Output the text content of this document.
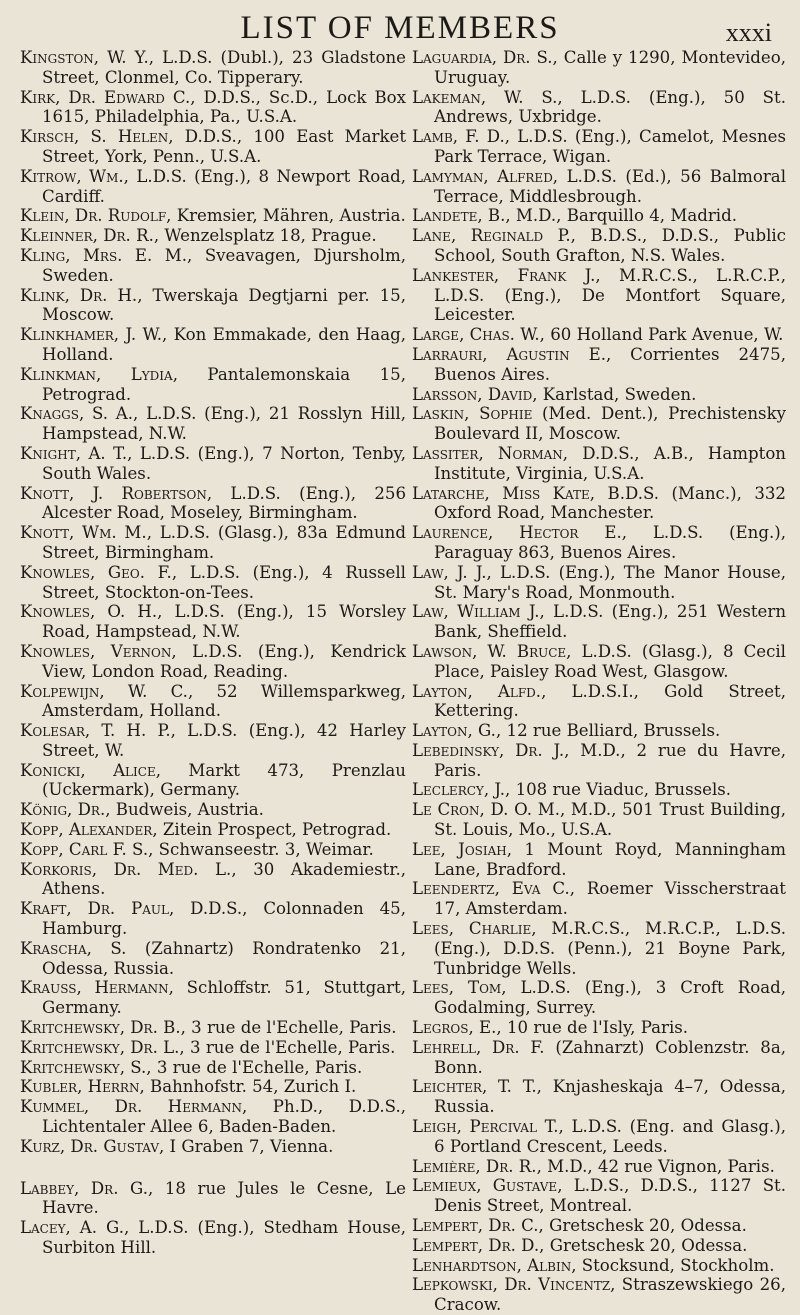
LIST OF MEMBERS	xxxi
Kingston, W. Y., L.D.S. (Dubl.), 23 Gladstone Street, Clonmel, Co. Tipperary.
Kirk, Dr. Edward C., D.D.S., Sc.D., Lock Box 1615, Philadelphia, Pa., U.S.A.
Kirsch, S. Helen, D.D.S., 100 East Market Street, York, Penn., U.S.A.
Kitrow, Wm., L.D.S. (Eng.), 8 Newport Road, Cardiff.
Klein, Dr. Rudolf, Kremsier, Mähren, Austria.
Kleinner, Dr. R., Wenzelsplatz 18, Prague.
Kling, Mrs. E. M., Sveavagen, Djursholm, Sweden.
Klink, Dr. H., Twerskaja Degtjarni per. 15, Moscow.
Klinkhamer, J. W., Kon Emmakade, den Haag, Holland.
Klinkman, Lydia, Pantalemonskaia 15, Petrograd.
Knaggs, S. A., L.D.S. (Eng.), 21 Rosslyn Hill, Hampstead, N.W.
Knight, A. T., L.D.S. (Eng.), 7 Norton, Tenby, South Wales.
Knott, J. Robertson, L.D.S. (Eng.), 256 Alcester Road, Moseley, Birmingham.
Knott, Wm. M., L.D.S. (Glasg.), 83a Edmund Street, Birmingham.
Knowles, Geo. F., L.D.S. (Eng.), 4 Russell Street, Stockton-on-Tees.
Knowles, O. H., L.D.S. (Eng.), 15 Worsley Road, Hampstead, N.W.
Knowles, Vernon, L.D.S. (Eng.), Kendrick View, London Road, Reading.
Kolpewijn, W. C., 52 Willemsparkweg, Amsterdam, Holland.
Kolesar, T. H. P., L.D.S. (Eng.), 42 Harley Street, W.
Konicki, Alice, Markt 473, Prenzlau (Uckermark), Germany.
König, Dr., Budweis, Austria.
Kopp, Alexander, Zitein Prospect, Petrograd.
Kopp, Carl F. S., Schwanseestr. 3, Weimar.
Korkoris, Dr. Med. L., 30 Akademiestr., Athens.
Kraft, Dr. Paul, D.D.S., Colonnaden 45, Hamburg.
Krascha, S. (Zahnartz) Rondratenko 21, Odessa, Russia.
Krauss, Hermann, Schloffstr. 51, Stuttgart, Germany.
Kritchewsky, Dr. B., 3 rue de l'Echelle, Paris.
Kritchewsky, Dr. L., 3 rue de l'Echelle, Paris.
Kritchewsky, S., 3 rue de l'Echelle, Paris.
Kubler, Herrn, Bahnhofstr. 54, Zurich I.
Kummel, Dr. Hermann, Ph.D., D.D.S., Lichtentaler Allee 6, Baden-Baden.
Kurz, Dr. Gustav, I Graben 7, Vienna.
Labbey, Dr. G., 18 rue Jules le Cesne, Le Havre.
Lacey, A. G., L.D.S. (Eng.), Stedham House, Surbiton Hill.
Laguardia, Dr. S., Calle y 1290, Montevideo, Uruguay.
Lakeman, W. S., L.D.S. (Eng.), 50 St. Andrews, Uxbridge.
Lamb, F. D., L.D.S. (Eng.), Camelot, Mesnes Park Terrace, Wigan.
Lamyman, Alfred, L.D.S. (Ed.), 56 Balmoral Terrace, Middlesbrough.
Landete, B., M.D., Barquillo 4, Madrid.
Lane, Reginald P., B.D.S., D.D.S., Public School, South Grafton, N.S. Wales.
Lankester, Frank J., M.R.C.S., L.R.C.P., L.D.S. (Eng.), De Montfort Square, Leicester.
Large, Chas. W., 60 Holland Park Avenue, W.
Larrauri, Agustin E., Corrientes 2475, Buenos Aires.
Larsson, David, Karlstad, Sweden.
Laskin, Sophie (Med. Dent.), Prechistensky Boulevard II, Moscow.
Lassiter, Norman, D.D.S., A.B., Hampton Institute, Virginia, U.S.A.
Latarche, Miss Kate, B.D.S. (Manc.), 332 Oxford Road, Manchester.
Laurence, Hector E., L.D.S. (Eng.), Paraguay 863, Buenos Aires.
Law, J. J., L.D.S. (Eng.), The Manor House, St. Mary's Road, Monmouth.
Law, William J., L.D.S. (Eng.), 251 Western Bank, Sheffield.
Lawson, W. Bruce, L.D.S. (Glasg.), 8 Cecil Place, Paisley Road West, Glasgow.
Layton, Alfd., L.D.S.I., Gold Street, Kettering.
Layton, G., 12 rue Belliard, Brussels.
Lebedinsky, Dr. J., M.D., 2 rue du Havre, Paris.
Leclercy, J., 108 rue Viaduc, Brussels.
Le Cron, D. O. M., M.D., 501 Trust Building, St. Louis, Mo., U.S.A.
Lee, Josiah, 1 Mount Royd, Manningham Lane, Bradford.
Leendertz, Eva C., Roemer Visscherstraat 17, Amsterdam.
Lees, Charlie, M.R.C.S., M.R.C.P., L.D.S. (Eng.), D.D.S. (Penn.), 21 Boyne Park, Tunbridge Wells.
Lees, Tom, L.D.S. (Eng.), 3 Croft Road, Godalming, Surrey.
Legros, E., 10 rue de l'Isly, Paris.
Lehrell, Dr. F. (Zahnarzt) Coblenzstr. 8a, Bonn.
Leichter, T. T., Knjasheskaja 4–7, Odessa, Russia.
Leigh, Percival T., L.D.S. (Eng. and Glasg.), 6 Portland Crescent, Leeds.
Lemière, Dr. R., M.D., 42 rue Vignon, Paris.
Lemieux, Gustave, L.D.S., D.D.S., 1127 St. Denis Street, Montreal.
Lempert, Dr. C., Gretschesk 20, Odessa.
Lempert, Dr. D., Gretschesk 20, Odessa.
Lenhardtson, Albin, Stocksund, Stockholm.
Lepkowski, Dr. Vincentz, Straszewskiego 26, Cracow.
